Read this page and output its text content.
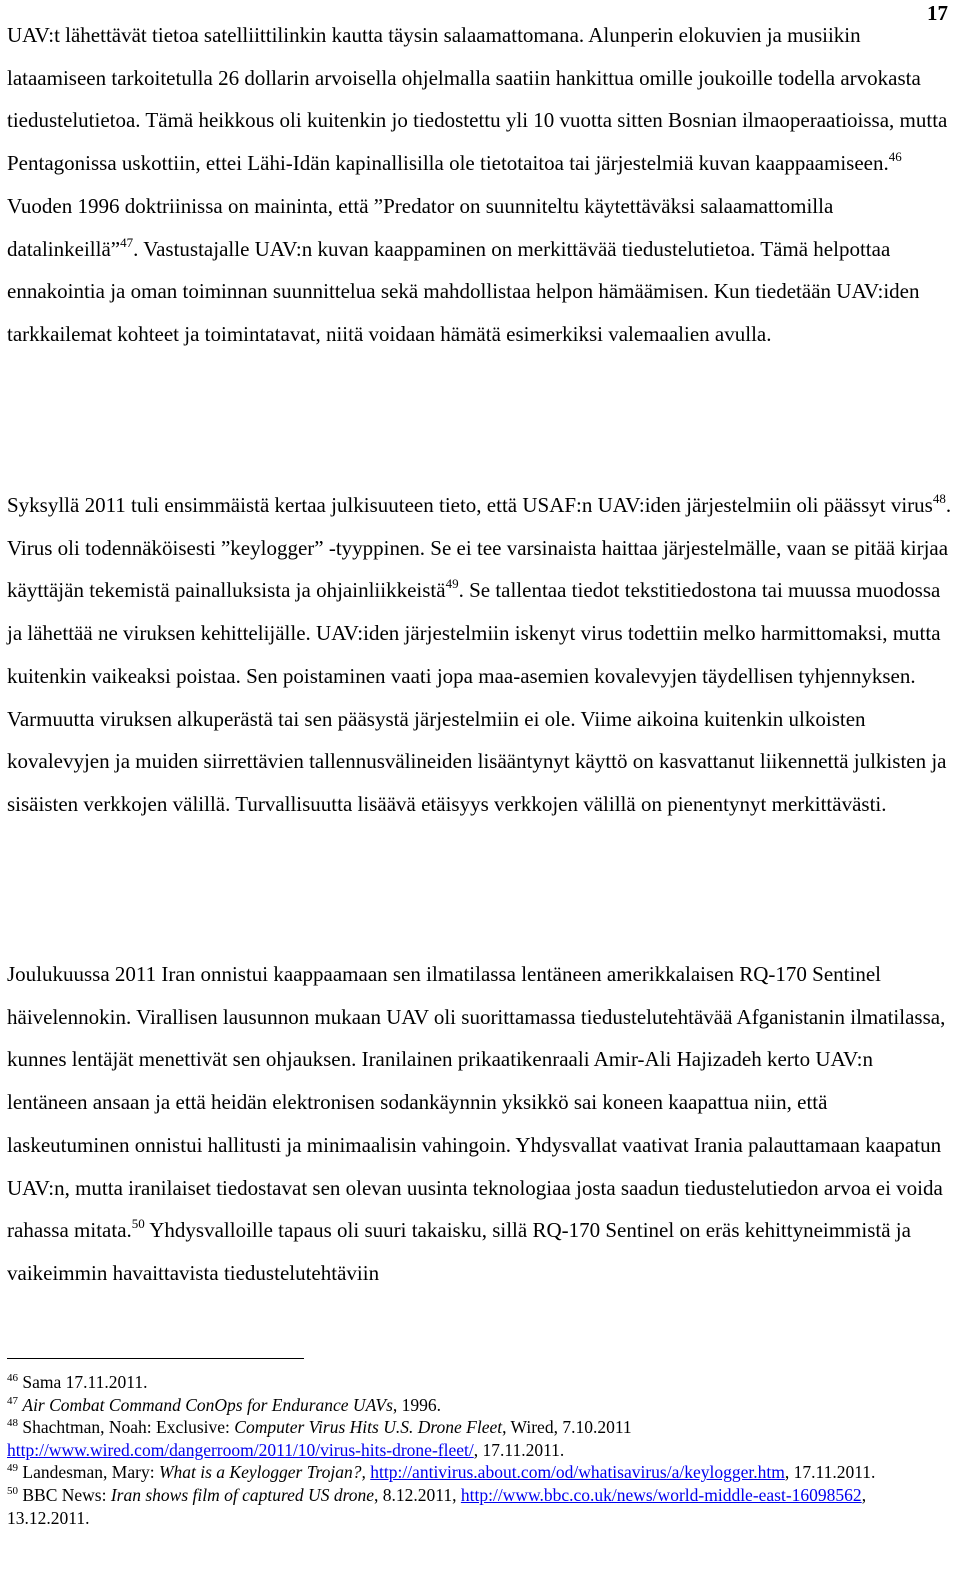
17

UAV:t lähettävät tietoa satelliittilinkin kautta täysin salaamattomana. Alunperin elokuvien ja musiikin lataamiseen tarkoitetulla 26 dollarin arvoisella ohjelmalla saatiin hankittua omille joukoille todella arvokasta tiedustelutietoa. Tämä heikkous oli kuitenkin jo tiedostettu yli 10 vuotta sitten Bosnian ilmaoperaatioissa, mutta Pentagonissa uskottiin, ettei Lähi-Idän kapinallisilla ole tietotaitoa tai järjestelmiä kuvan kaappaamiseen.$^{46}$ Vuoden 1996 doktriinissa on maininta, että ”Predator on suunniteltu käytettäväksi salaamattomilla datalinkeillä”$^{47}$. Vastustajalle UAV:n kuvan kaappaminen on merkittävää tiedustelutietoa. Tämä helpottaa ennakointia ja oman toiminnan suunnittelua sekä mahdollistaa helpon hämäämisen. Kun tiedetään UAV:iden tarkkailemat kohteet ja toimintatavat, niitä voidaan hämätä esimerkiksi valemaalien avulla.

Syksyllä 2011 tuli ensimmäistä kertaa julkisuuteen tieto, että USAF:n UAV:iden järjestelmiin oli päässyt virus$^{48}$. Virus oli todennäköisesti ”keylogger” -tyyppinen. Se ei tee varsinaista haittaa järjestelmälle, vaan se pitää kirjaa käyttäjän tekemistä painalluksista ja ohjainliikkeistä$^{49}$. Se tallentaa tiedot tekstitiedostona tai muussa muodossa ja lähettää ne viruksen kehittelijälle. UAV:iden järjestelmiin iskenyt virus todettiin melko harmittomaksi, mutta kuitenkin vaikeaksi poistaa. Sen poistaminen vaati jopa maa-asemien kovalevyjen täydellisen tyhjennyksen. Varmuutta viruksen alkuperästä tai sen pääsystä järjestelmiin ei ole. Viime aikoina kuitenkin ulkoisten kovalevyjen ja muiden siirrettävien tallennusvälineiden lisääntynyt käyttö on kasvattanut liikennettä julkisten ja sisäisten verkkojen välillä. Turvallisuutta lisäävä etäisyys verkkojen välillä on pienentynyt merkittävästi.

Joulukuussa 2011 Iran onnistui kaappaamaan sen ilmatilassa lentäneen amerikkalaisen RQ-170 Sentinel häivelennokin. Virallisen lausunnon mukaan UAV oli suorittamassa tiedustelutehtävää Afganistanin ilmatilassa, kunnes lentäjät menettivät sen ohjauksen. Iranilainen prikaatikenraali Amir-Ali Hajizadeh kerto UAV:n lentäneen ansaan ja että heidän elektronisen sodankäynnin yksikkö sai koneen kaapattua niin, että laskeutuminen onnistui hallitusti ja minimaalisin vahingoin. Yhdysvallat vaativat Irania palauttamaan kaapatun UAV:n, mutta iranilaiset tiedostavat sen olevan uusinta teknologiaa josta saadun tiedustelutiedon arvoa ei voida rahassa mitata.$^{50}$ Yhdysvalloille tapaus oli suuri takaisku, sillä RQ-170 Sentinel on eräs kehittyneimmistä ja vaikeimmin havaittavista tiedustelutehtäviin

$^{46}$ Sama 17.11.2011.

$^{47}$ Air Combat Command ConOps for Endurance UAVs, 1996.

$^{48}$ Shachtman, Noah: Exclusive: Computer Virus Hits U.S. Drone Fleet, Wired, 7.10.2011
http://www.wired.com/dangerroom/2011/10/virus-hits-drone-fleet/, 17.11.2011.

$^{49}$ Landesman, Mary: What is a Keylogger Trojan?, http://antivirus.about.com/od/whatisavirus/a/keylogger.htm, 17.11.2011.

$^{50}$ BBC News: Iran shows film of captured US drone, 8.12.2011, http://www.bbc.co.uk/news/world-middle-east-16098562, 13.12.2011.
